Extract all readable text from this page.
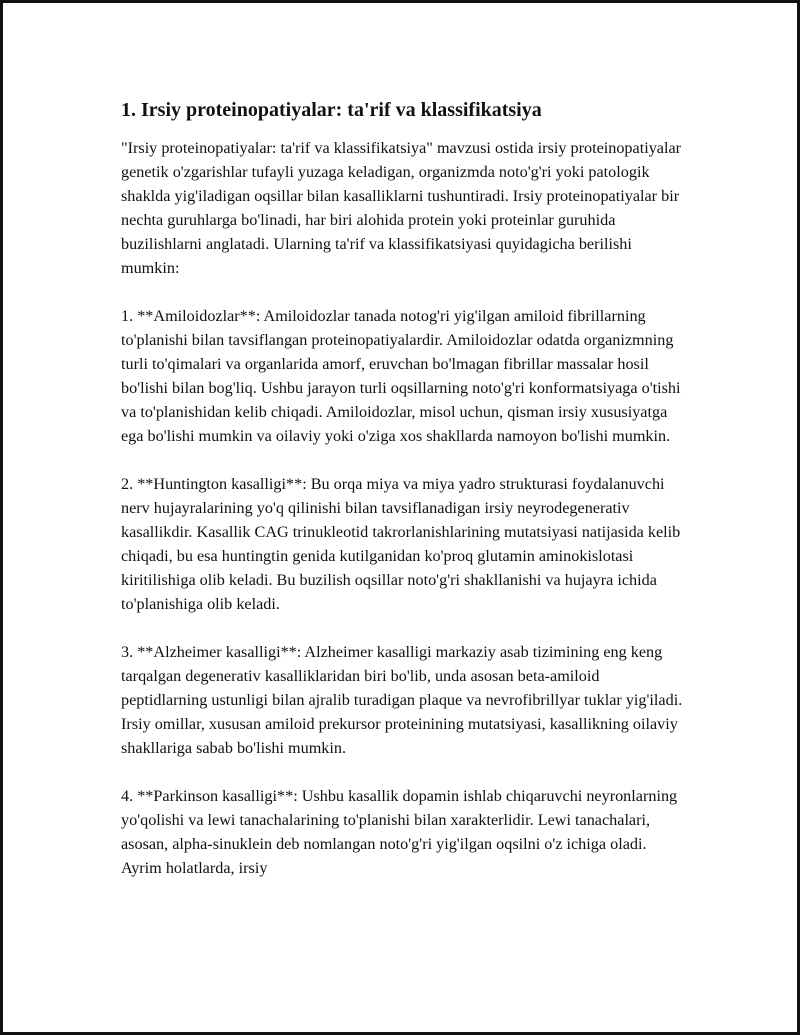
1. Irsiy proteinopatiyalar: ta'rif va klassifikatsiya

"Irsiy proteinopatiyalar: ta'rif va klassifikatsiya" mavzusi ostida irsiy proteinopatiyalar genetik o'zgarishlar tufayli yuzaga keladigan, organizmda noto'g'ri yoki patologik shaklda yig'iladigan oqsillar bilan kasalliklarni tushuntiradi. Irsiy proteinopatiyalar bir nechta guruhlarga bo'linadi, har biri alohida protein yoki proteinlar guruhida buzilishlarni anglatadi. Ularning ta'rif va klassifikatsiyasi quyidagicha berilishi mumkin:

1. **Amiloidozlar**: Amiloidozlar tanada notog'ri yig'ilgan amiloid fibrillarning to'planishi bilan tavsiflangan proteinopatiyalardir. Amiloidozlar odatda organizmning turli to'qimalari va organlarida amorf, eruvchan bo'lmagan fibrillar massalar hosil bo'lishi bilan bog'liq. Ushbu jarayon turli oqsillarning noto'g'ri konformatsiyaga o'tishi va to'planishidan kelib chiqadi. Amiloidozlar, misol uchun, qisman irsiy xususiyatga ega bo'lishi mumkin va oilaviy yoki o'ziga xos shakllarda namoyon bo'lishi mumkin.

2. **Huntington kasalligi**: Bu orqa miya va miya yadro strukturasi foydalanuvchi nerv hujayralarining yo'q qilinishi bilan tavsiflanadigan irsiy neyrodegenerativ kasallikdir. Kasallik CAG trinukleotid takrorlanishlarining mutatsiyasi natijasida kelib chiqadi, bu esa huntingtin genida kutilganidan ko'proq glutamin aminokislotasi kiritilishiga olib keladi. Bu buzilish oqsillar noto'g'ri shakllanishi va hujayra ichida to'planishiga olib keladi.

3. **Alzheimer kasalligi**: Alzheimer kasalligi markaziy asab tizimining eng keng tarqalgan degenerativ kasalliklaridan biri bo'lib, unda asosan beta-amiloid peptidlarning ustunligi bilan ajralib turadigan plaque va nevrofibrillyar tuklar yig'iladi. Irsiy omillar, xususan amiloid prekursor proteinining mutatsiyasi, kasallikning oilaviy shakllariga sabab bo'lishi mumkin.

4. **Parkinson kasalligi**: Ushbu kasallik dopamin ishlab chiqaruvchi neyronlarning yo'qolishi va lewi tanachalarining to'planishi bilan xarakterlidir. Lewi tanachalari, asosan, alpha-sinuklein deb nomlangan noto'g'ri yig'ilgan oqsilni o'z ichiga oladi. Ayrim holatlarda, irsiy
